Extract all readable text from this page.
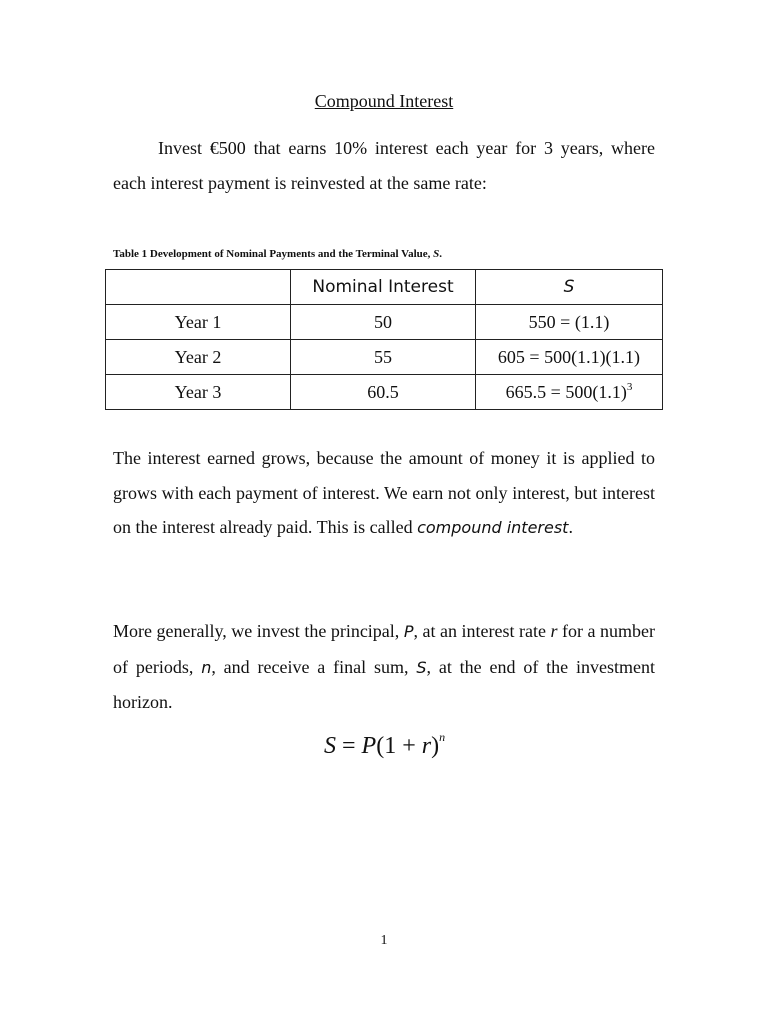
Compound Interest

Invest €500 that earns 10% interest each year for 3 years, where each interest payment is reinvested at the same rate:

Table 1 Development of Nominal Payments and the Terminal Value, S.
	Nominal Interest	S
Year 1	50	550 = (1.1)
Year 2	55	605 = 500(1.1)(1.1)
Year 3	60.5	$665.5 = 500(1.1)^3$

The interest earned grows, because the amount of money it is applied to grows with each payment of interest. We earn not only interest, but interest on the interest already paid. This is called compound interest.

More generally, we invest the principal, P, at an interest rate r for a number of periods, n, and receive a final sum, S, at the end of the investment horizon.

$S = P(1 + r)^n$
1
